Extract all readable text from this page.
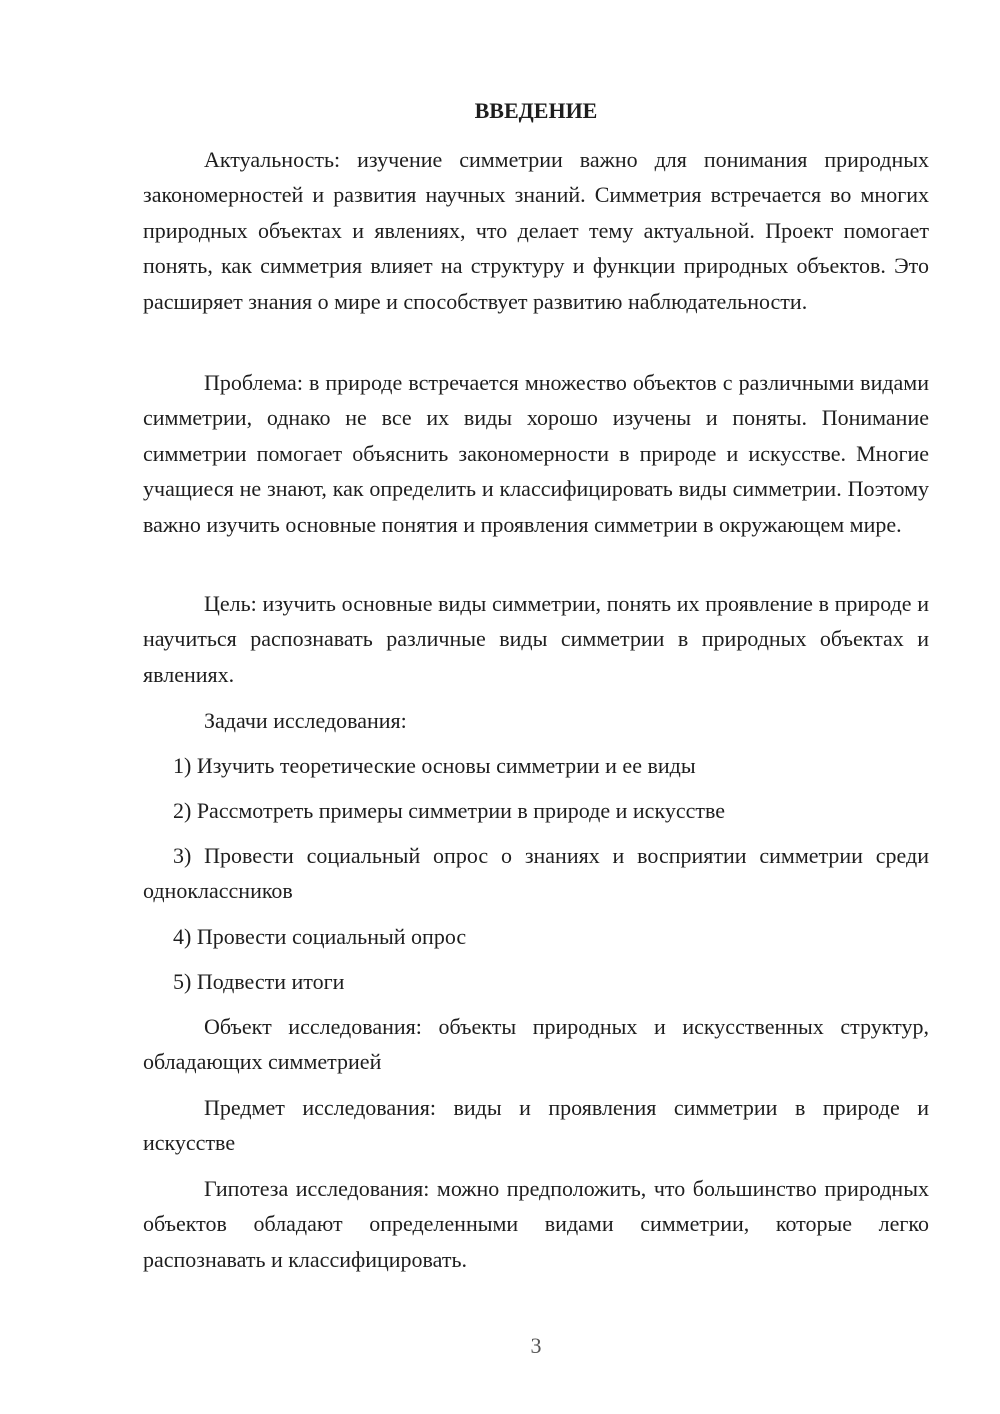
ВВЕДЕНИЕ

Актуальность: изучение симметрии важно для понимания природных закономерностей и развития научных знаний. Симметрия встречается во многих природных объектах и явлениях, что делает тему актуальной. Проект помогает понять, как симметрия влияет на структуру и функции природных объектов. Это расширяет знания о мире и способствует развитию наблюдательности.

Проблема: в природе встречается множество объектов с различными видами симметрии, однако не все их виды хорошо изучены и поняты. Понимание симметрии помогает объяснить закономерности в природе и искусстве. Многие учащиеся не знают, как определить и классифицировать виды симметрии. Поэтому важно изучить основные понятия и проявления симметрии в окружающем мире.

Цель: изучить основные виды симметрии, понять их проявление в природе и научиться распознавать различные виды симметрии в природных объектах и явлениях.

Задачи исследования:

1) Изучить теоретические основы симметрии и ее виды

2) Рассмотреть примеры симметрии в природе и искусстве

3) Провести социальный опрос о знаниях и восприятии симметрии среди одноклассников

4) Провести социальный опрос

5) Подвести итоги

Объект исследования: объекты природных и искусственных структур, обладающих симметрией

Предмет исследования: виды и проявления симметрии в природе и искусстве

Гипотеза исследования: можно предположить, что большинство природных объектов обладают определенными видами симметрии, которые легко распознавать и классифицировать.

3
